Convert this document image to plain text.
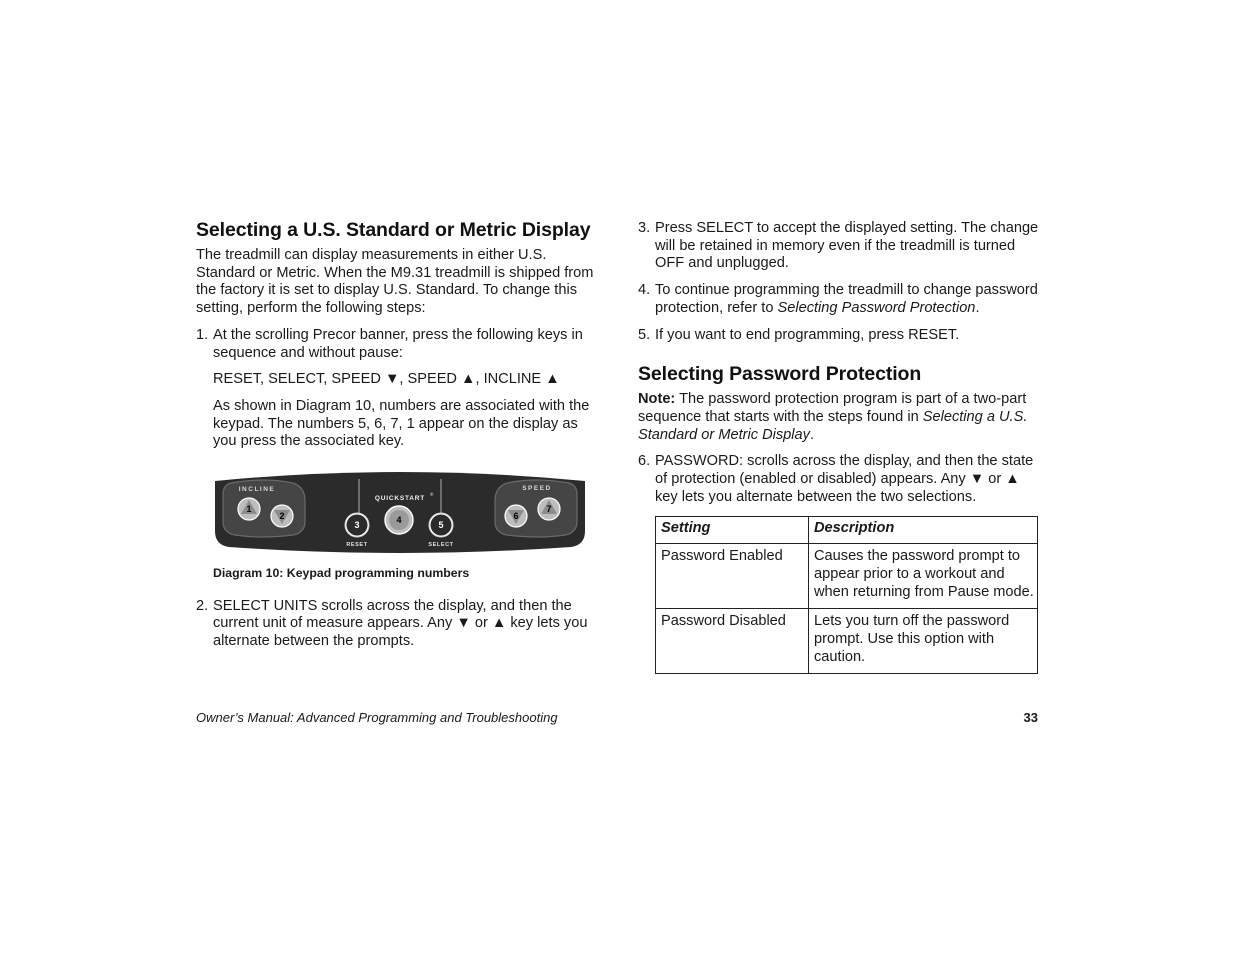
Selecting a U.S. Standard or Metric Display

The treadmill can display measurements in either U.S. Standard or Metric. When the M9.31 treadmill is shipped from the factory it is set to display U.S. Standard. To change this setting, perform the following steps:

1. At the scrolling Precor banner, press the following keys in sequence and without pause:
RESET, SELECT, SPEED ▼, SPEED ▲, INCLINE ▲
As shown in Diagram 10, numbers are associated with the keypad. The numbers 5, 6, 7, 1 appear on the display as you press the associated key.
INCLINE	SPEED
QUICKSTART
®
RESET	SELECT
1
2
3	4	5
6
7
Diagram 10: Keypad programming numbers
2. SELECT UNITS scrolls across the display, and then the current unit of measure appears. Any ▼ or ▲ key lets you alternate between the prompts.
3. Press SELECT to accept the displayed setting. The change will be retained in memory even if the treadmill is turned OFF and unplugged.
4. To continue programming the treadmill to change password protection, refer to Selecting Password Protection.
5. If you want to end programming, press RESET.
Selecting Password Protection

Note: The password protection program is part of a two-part sequence that starts with the steps found in Selecting a U.S. Standard or Metric Display.

6. PASSWORD: scrolls across the display, and then the state of protection (enabled or disabled) appears. Any ▼ or ▲ key lets you alternate between the two selections.
Setting	Description
Password Enabled	Causes the password prompt to appear prior to a workout and when returning from Pause mode.
Password Disabled	Lets you turn off the password prompt. Use this option with caution.
Owner’s Manual: Advanced Programming and Troubleshooting	33
